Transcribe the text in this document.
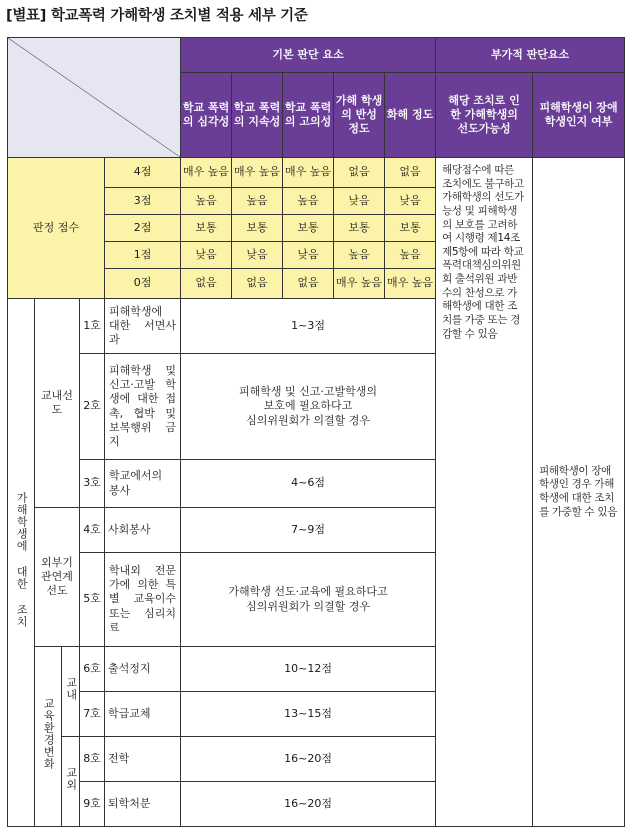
[별표] 학교폭력 가해학생 조치별 적용 세부 기준
	기본 판단 요소					부가적 판단요소	
					학교 폭력의 심각성	학교 폭력의 지속성	학교 폭력의 고의성	가해 학생의 반성 정도	화해 정도	해당 조치로 인한 가해학생의 선도가능성	피해학생이 장애학생인지 여부
판정 점수				4점	매우 높음	매우 높음	매우 높음	없음	없음	해당점수에 따른 조치에도 불구하고 가해학생의 선도가능성 및 피해학생의 보호를 고려하여 시행령 제14조제5항에 따라 학교폭력대책심의위원회 출석위원 과반수의 찬성으로 가해학생에 대한 조치를 가중 또는 경감할 수 있음	피해학생이 장애학생인 경우 가해학생에 대한 조치를 가중할 수 있음
				3점	높음	높음	높음	낮음	낮음		
				2점	보통	보통	보통	보통	보통		
				1점	낮음	낮음	낮음	높음	높음		
				0점	없음	없음	없음	매우 높음	매우 높음		
가해학생에 대한 조치	교내선도		1호	피해학생에 대한 서면사과	1~3점						
			2호	피해학생 및 신고·고발 학생에 대한 접촉, 협박 및 보복행위 금지	피해학생 및 신고·고발학생의
보호에 필요하다고
심의위원회가 의결할 경우						

			3호	학교에서의 봉사	4~6점						
	외부기관연계선도		4호	사회봉사	7~9점						
			5호	학내외 전문가에 의한 특별 교육이수 또는 심리치료	가해학생 선도·교육에 필요하다고
심의위원회가 의결할 경우						

	교육환경변화	교내	6호	출석정지	10~12점						
			7호	학급교체	13~15점						
		교외	8호	전학	16~20점						
			9호	퇴학처분	16~20점						
